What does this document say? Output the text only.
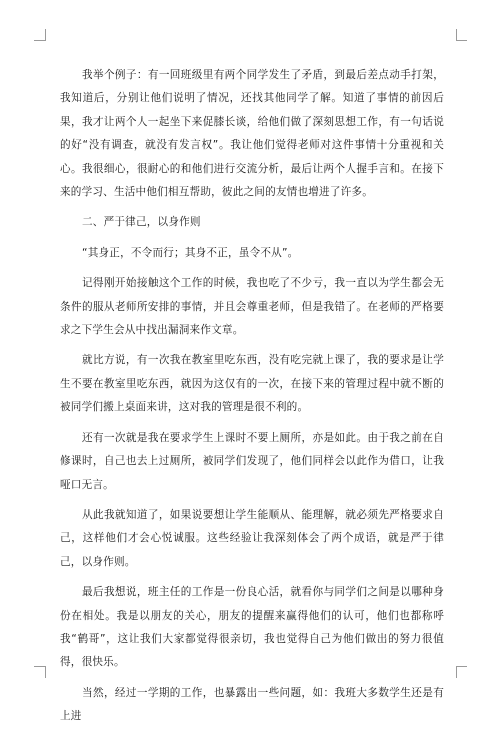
我举个例子：有一回班级里有两个同学发生了矛盾，到最后差点动手打架，我知道后，分别让他们说明了情况，还找其他同学了解。知道了事情的前因后果，我才让两个人一起坐下来促膝长谈，给他们做了深刻思想工作，有一句话说的好“没有调查，就没有发言权”。我让他们觉得老师对这件事情十分重视和关心。我很细心，很耐心的和他们进行交流分析，最后让两个人握手言和。在接下来的学习、生活中他们相互帮助，彼此之间的友情也增进了许多。

二、严于律己，以身作则

“其身正，不令而行；其身不正，虽令不从”。

记得刚开始接触这个工作的时候，我也吃了不少亏，我一直以为学生都会无条件的服从老师所安排的事情，并且会尊重老师，但是我错了。在老师的严格要求之下学生会从中找出漏洞来作文章。

就比方说，有一次我在教室里吃东西，没有吃完就上课了，我的要求是让学生不要在教室里吃东西，就因为这仅有的一次，在接下来的管理过程中就不断的被同学们搬上桌面来讲，这对我的管理是很不利的。

还有一次就是我在要求学生上课时不要上厕所，亦是如此。由于我之前在自修课时，自己也去上过厕所，被同学们发现了，他们同样会以此作为借口，让我哑口无言。

从此我就知道了，如果说要想让学生能顺从、能理解，就必须先严格要求自己，这样他们才会心悦诚服。这些经验让我深刻体会了两个成语，就是严于律己，以身作则。

最后我想说，班主任的工作是一份良心活，就看你与同学们之间是以哪种身份在相处。我是以朋友的关心，朋友的提醒来赢得他们的认可，他们也都称呼我“鹤哥”，这让我们大家都觉得很亲切，我也觉得自己为他们做出的努力很值得，很快乐。

当然，经过一学期的工作，也暴露出一些问题，如：我班大多数学生还是有上进
